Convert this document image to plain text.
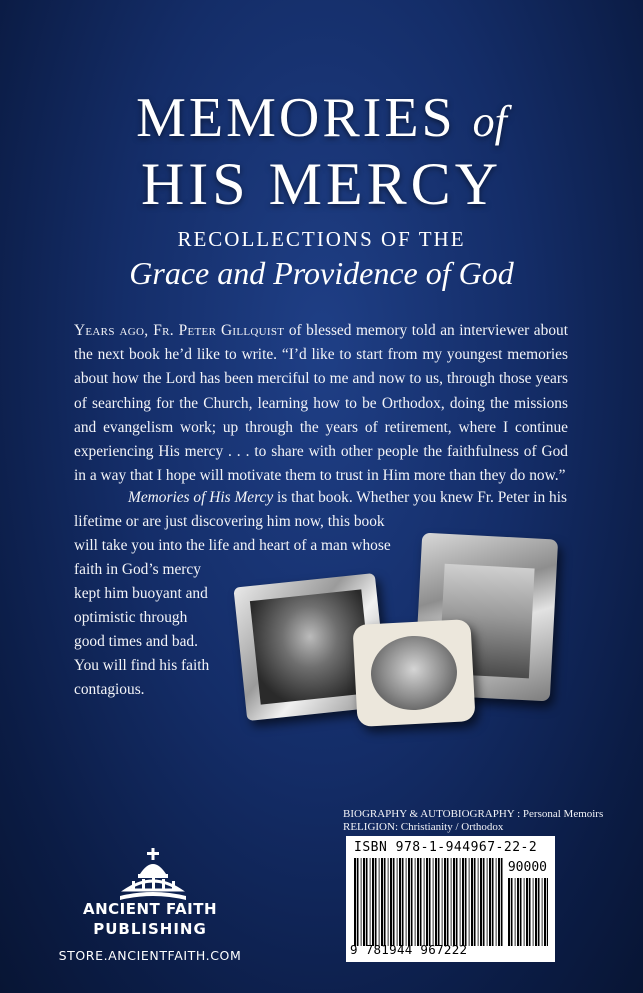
MEMORIES of
HIS MERCY
RECOLLECTIONS OF THE
Grace and Providence of God
Years ago, Fr. Peter Gillquist of blessed memory told an interviewer about the next book he’d like to write. “I’d like to start from my youngest memories about how the Lord has been merciful to me and now to us, through those years of searching for the Church, learning how to be Orthodox, doing the missions and evangelism work; up through the years of retirement, where I continue experiencing His mercy . . . to share with other people the faithfulness of God in a way that I hope will motivate them to trust in Him more than they do now.”
Memories of His Mercy is that book. Whether you knew Fr. Peter in his
lifetime or are just discovering him now, this book
will take you into the life and heart of a man whose
faith in God’s mercy
kept him buoyant and
optimistic through
good times and bad.
You will find his faith
contagious.
BIOGRAPHY & AUTOBIOGRAPHY : Personal Memoirs
RELIGION: Christianity / Orthodox
ISBN 978-1-944967-22-2
90000
9 781944 967222
ANCIENT FAITH
PUBLISHING
STORE.ANCIENTFAITH.COM
